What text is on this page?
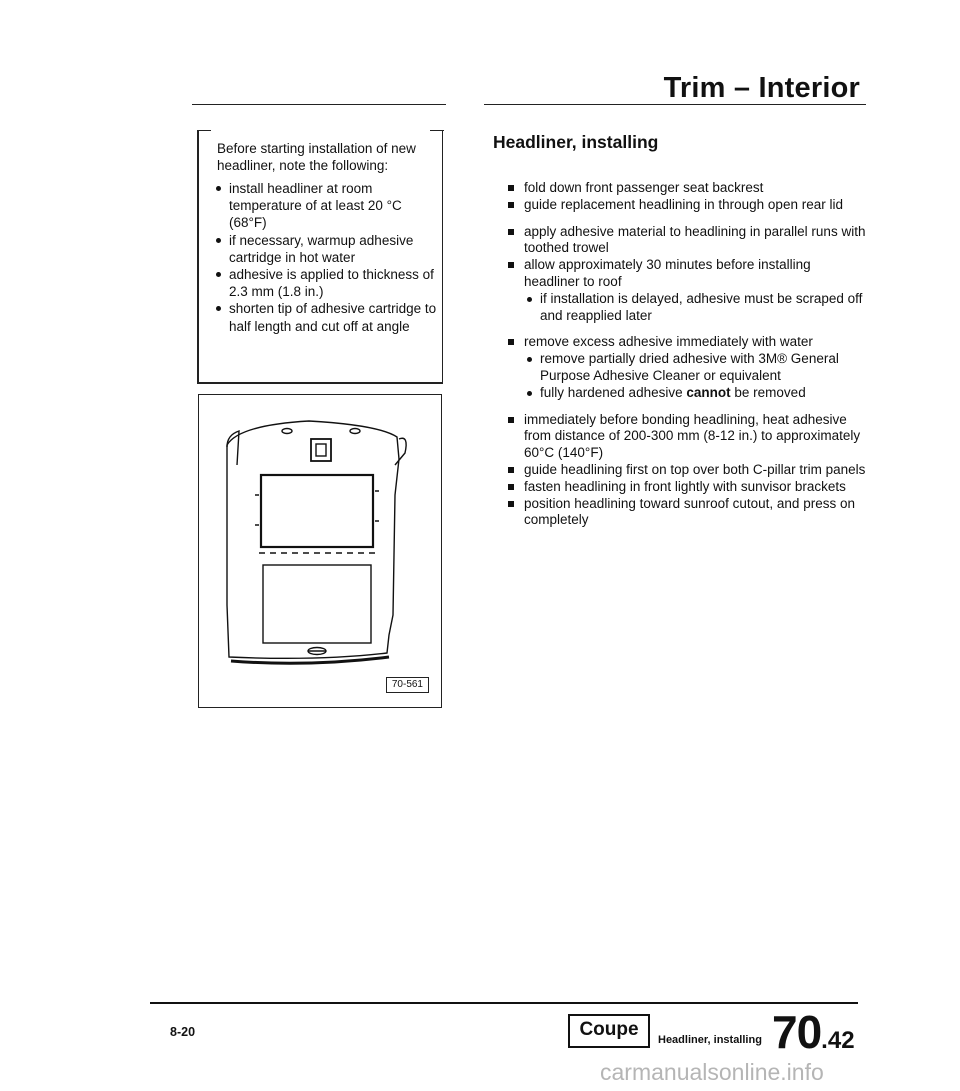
Trim – Interior
Before starting installation of new headliner, note the following:
install headliner at room temperature of at least 20 °C (68°F)
if necessary, warmup adhesive cartridge in hot water
adhesive is applied to thickness of 2.3 mm (1.8 in.)
shorten tip of adhesive cartridge to half length and cut off at angle
70-561
Headliner, installing
fold down front passenger seat backrest
guide replacement headlining in through open rear lid
apply adhesive material to headlining in parallel runs with toothed trowel
allow approximately 30 minutes before installing headliner to roof
if installation is delayed, adhesive must be scraped off and reapplied later
remove excess adhesive immediately with water
remove partially dried adhesive with 3M® General Purpose Adhesive Cleaner or equivalent
fully hardened adhesive cannot be removed
immediately before bonding headlining, heat adhesive from distance of 200-300 mm (8-12 in.) to approximately 60°C (140°F)
guide headlining first on top over both C-pillar trim panels
fasten headlining in front lightly with sunvisor brackets
position headlining toward sunroof cutout, and press on completely
8-20	Coupe	Headliner, installing 70.42
carmanualsonline.info
